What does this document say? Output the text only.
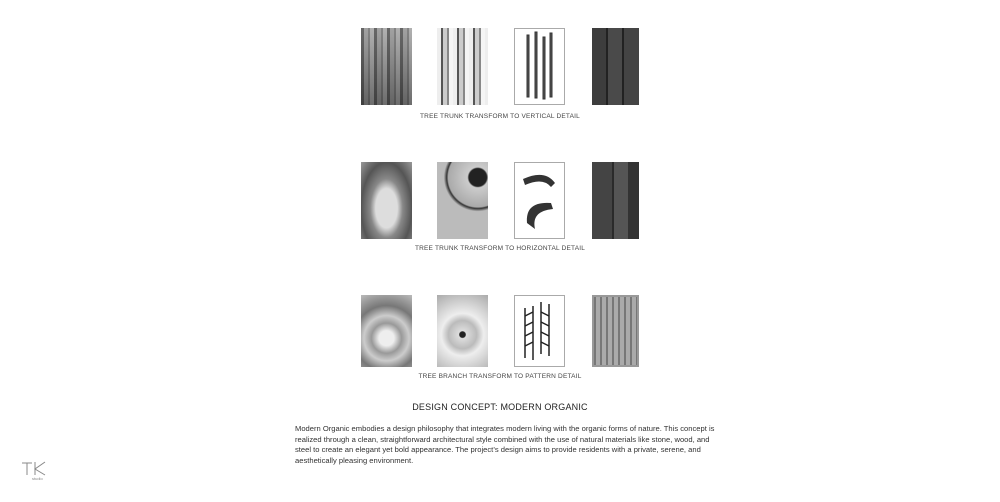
TREE TRUNK TRANSFORM TO VERTICAL DETAIL
TREE TRUNK TRANSFORM TO HORIZONTAL DETAIL
TREE BRANCH TRANSFORM TO PATTERN DETAIL
DESIGN CONCEPT: MODERN ORGANIC
Modern Organic embodies a design philosophy that integrates modern living with the organic forms of nature. This concept is realized through a clean, straightforward architectural style combined with the use of natural materials like stone, wood, and steel to create an elegant yet bold appearance. The project’s design aims to provide residents with a private, serene, and aesthetically pleasing environment.
studio
